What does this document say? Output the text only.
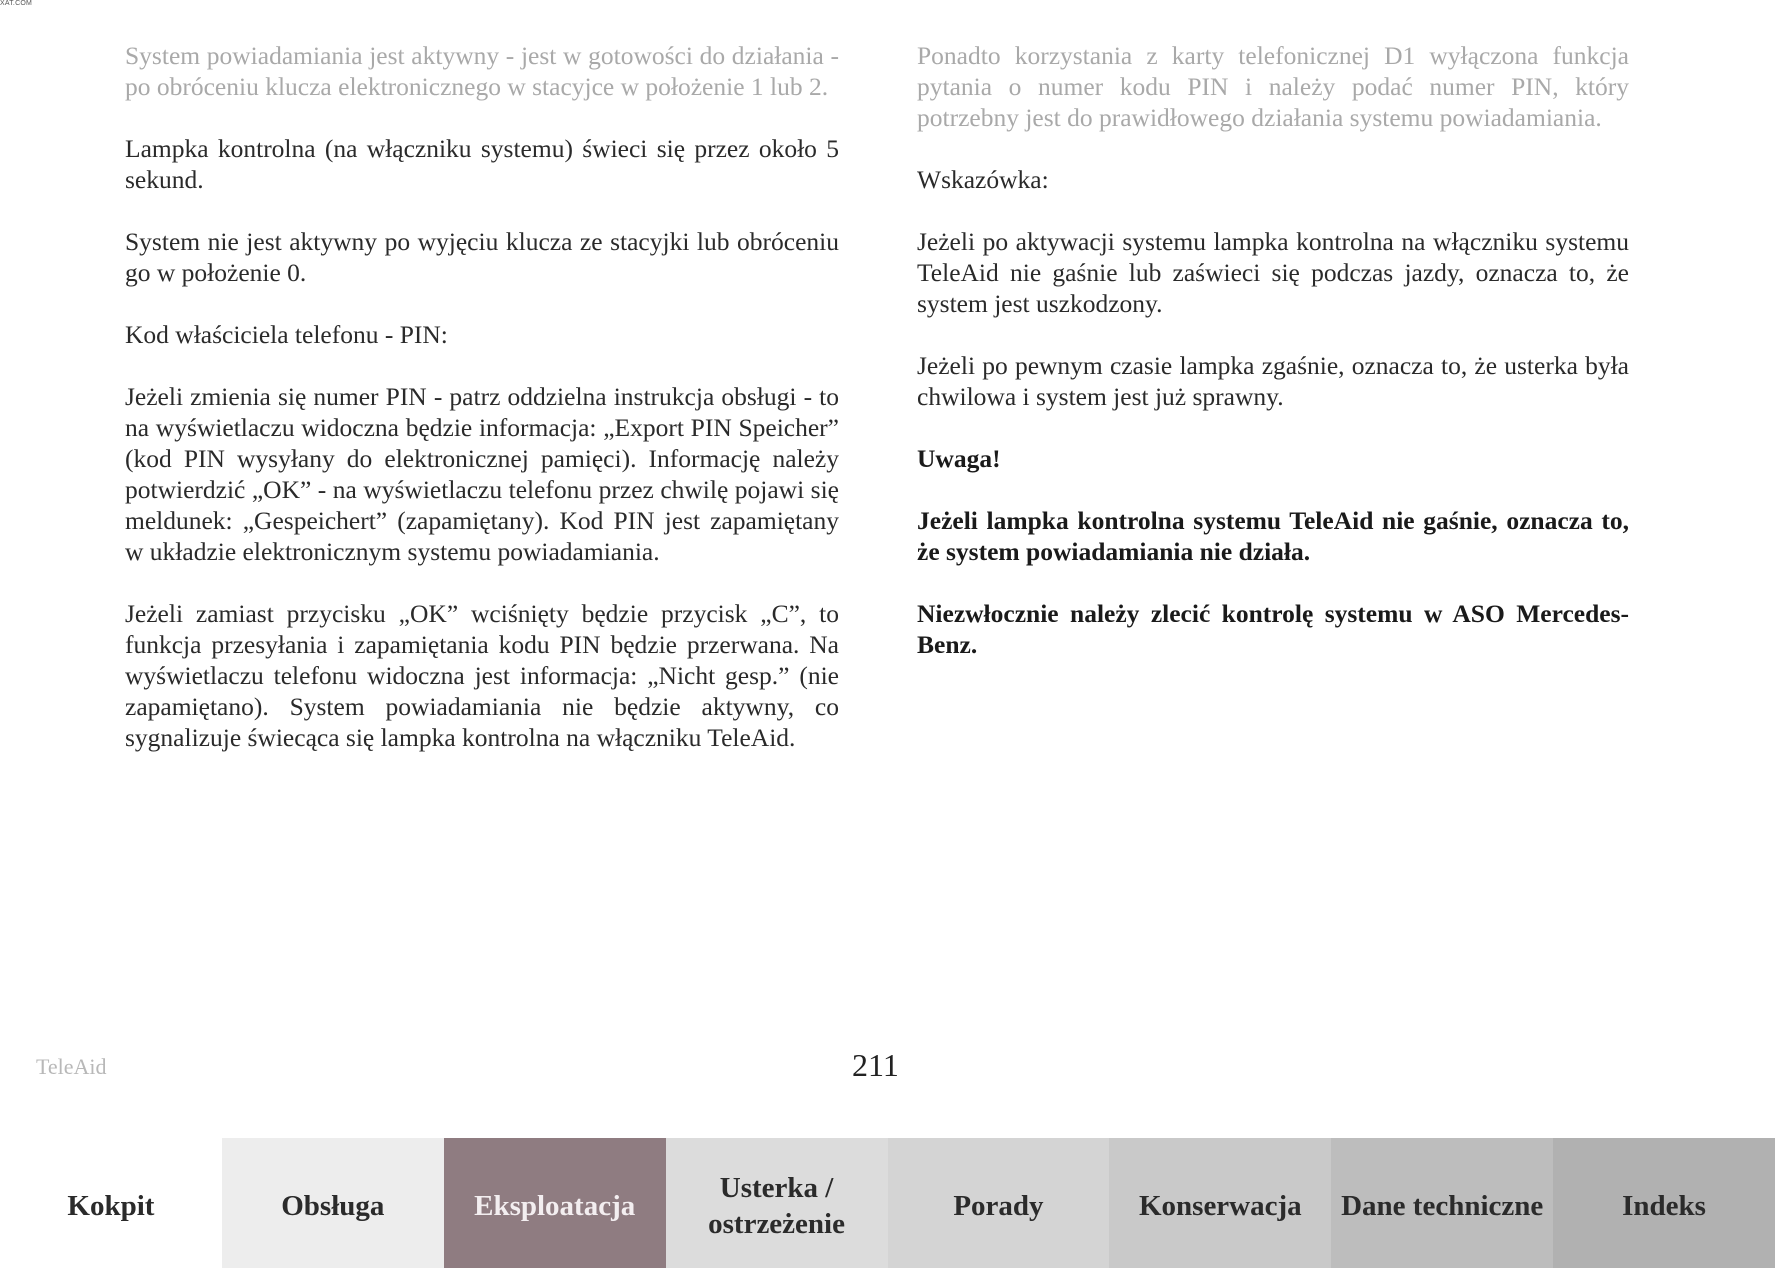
XAT.COM

System powiadamiania jest aktywny - jest w gotowości do działania - po obróceniu klucza elektronicznego w stacyjce w położenie 1 lub 2.

Lampka kontrolna (na włączniku systemu) świeci się przez około 5 sekund.

System nie jest aktywny po wyjęciu klucza ze stacyjki lub obróceniu go w położenie 0.

Kod właściciela telefonu - PIN:

Jeżeli zmienia się numer PIN - patrz oddzielna instrukcja obsługi - to na wyświetlaczu widoczna będzie informacja: „Export PIN Speicher” (kod PIN wysyłany do elektronicznej pamięci). Informację należy potwierdzić „OK” - na wyświetlaczu telefonu przez chwilę pojawi się meldunek: „Gespeichert” (zapamiętany). Kod PIN jest zapamiętany w układzie elektronicznym systemu powiadamiania.

Jeżeli zamiast przycisku „OK” wciśnięty będzie przycisk „C”, to funkcja przesyłania i zapamiętania kodu PIN będzie przerwana. Na wyświetlaczu telefonu widoczna jest informacja: „Nicht gesp.” (nie zapamiętano). System powiadamiania nie będzie aktywny, co sygnalizuje świecąca się lampka kontrolna na włączniku TeleAid.

Ponadto korzystania z karty telefonicznej D1 wyłączona funkcja pytania o numer kodu PIN i należy podać numer PIN, który potrzebny jest do prawidłowego działania systemu powiadamiania.

Wskazówka:

Jeżeli po aktywacji systemu lampka kontrolna na włączniku systemu TeleAid nie gaśnie lub zaświeci się podczas jazdy, oznacza to, że system jest uszkodzony.

Jeżeli po pewnym czasie lampka zgaśnie, oznacza to, że usterka była chwilowa i system jest już sprawny.

Uwaga!

Jeżeli lampka kontrolna systemu TeleAid nie gaśnie, oznacza to, że system powiadamiania nie działa.

Niezwłocznie należy zlecić kontrolę systemu w ASO Mercedes-Benz.

TeleAid	211
Kokpit	Obsługa	Eksploatacja
Usterka / ostrzeżenie
Porady	Konserwacja	Dane techniczne	Indeks
